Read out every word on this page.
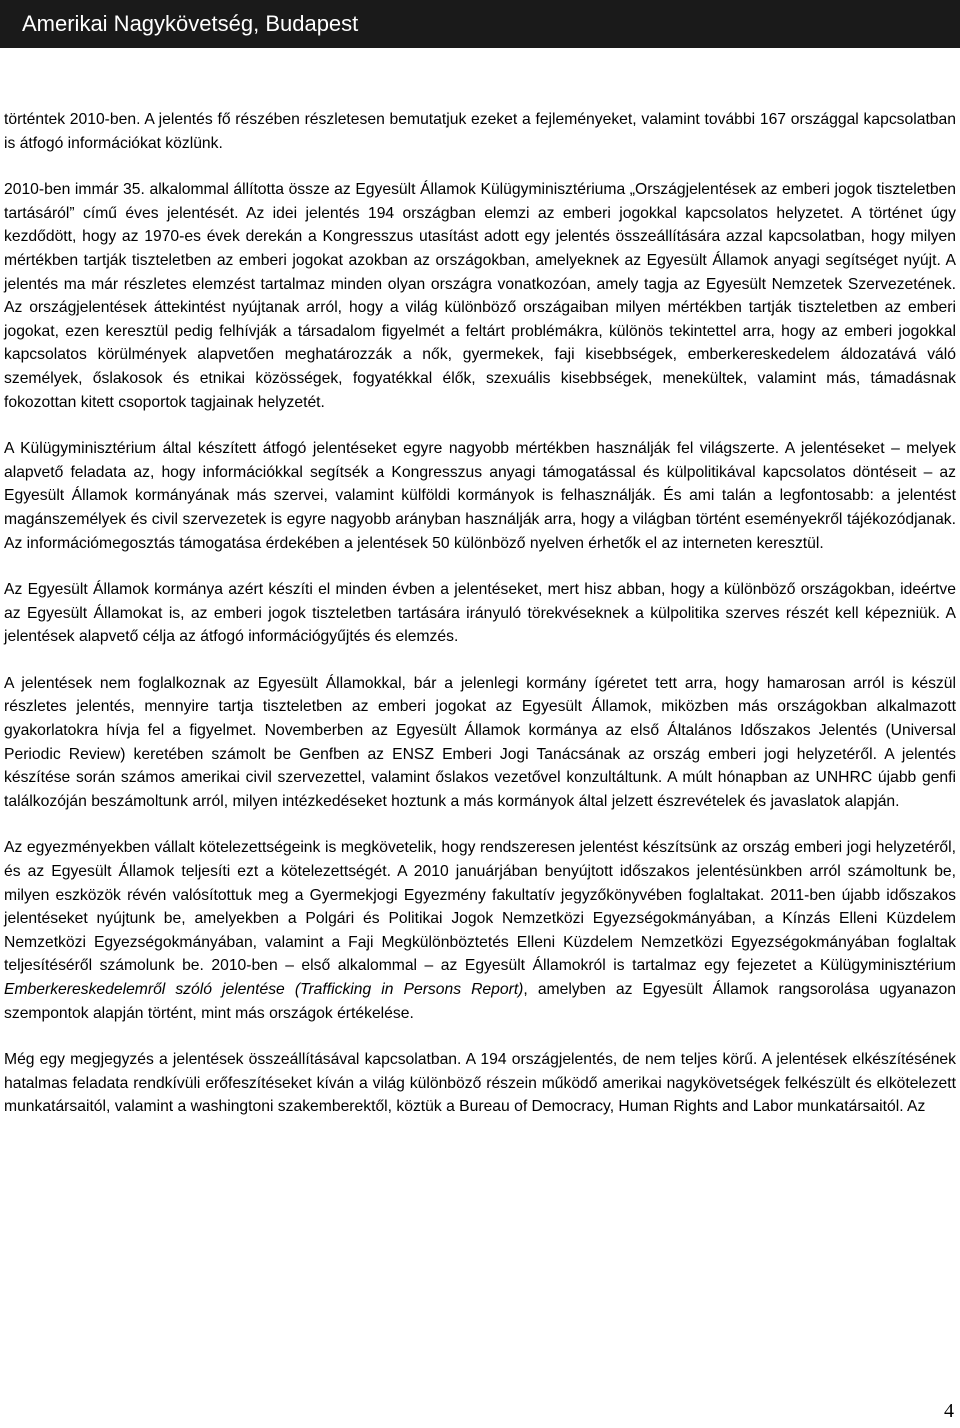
Amerikai Nagykövetség, Budapest

történtek 2010-ben. A jelentés fő részében részletesen bemutatjuk ezeket a fejleményeket, valamint további 167 országgal kapcsolatban is átfogó információkat közlünk.

2010-ben immár 35. alkalommal állította össze az Egyesült Államok Külügyminisztériuma „Országjelentések az emberi jogok tiszteletben tartásáról” című éves jelentését. Az idei jelentés 194 országban elemzi az emberi jogokkal kapcsolatos helyzetet. A történet úgy kezdődött, hogy az 1970-es évek derekán a Kongresszus utasítást adott egy jelentés összeállítására azzal kapcsolatban, hogy milyen mértékben tartják tiszteletben az emberi jogokat azokban az országokban, amelyeknek az Egyesült Államok anyagi segítséget nyújt. A jelentés ma már részletes elemzést tartalmaz minden olyan országra vonatkozóan, amely tagja az Egyesült Nemzetek Szervezetének. Az országjelentések áttekintést nyújtanak arról, hogy a világ különböző országaiban milyen mértékben tartják tiszteletben az emberi jogokat, ezen keresztül pedig felhívják a társadalom figyelmét a feltárt problémákra, különös tekintettel arra, hogy az emberi jogokkal kapcsolatos körülmények alapvetően meghatározzák a nők, gyermekek, faji kisebbségek, emberkereskedelem áldozatává váló személyek, őslakosok és etnikai közösségek, fogyatékkal élők, szexuális kisebbségek, menekültek, valamint más, támadásnak fokozottan kitett csoportok tagjainak helyzetét.

A Külügyminisztérium által készített átfogó jelentéseket egyre nagyobb mértékben használják fel világszerte. A jelentéseket – melyek alapvető feladata az, hogy információkkal segítsék a Kongresszus anyagi támogatással és külpolitikával kapcsolatos döntéseit – az Egyesült Államok kormányának más szervei, valamint külföldi kormányok is felhasználják. És ami talán a legfontosabb: a jelentést magánszemélyek és civil szervezetek is egyre nagyobb arányban használják arra, hogy a világban történt eseményekről tájékozódjanak. Az információmegosztás támogatása érdekében a jelentések 50 különböző nyelven érhetők el az interneten keresztül.

Az Egyesült Államok kormánya azért készíti el minden évben a jelentéseket, mert hisz abban, hogy a különböző országokban, ideértve az Egyesült Államokat is, az emberi jogok tiszteletben tartására irányuló törekvéseknek a külpolitika szerves részét kell képezniük. A jelentések alapvető célja az átfogó információgyűjtés és elemzés.

A jelentések nem foglalkoznak az Egyesült Államokkal, bár a jelenlegi kormány ígéretet tett arra, hogy hamarosan arról is készül részletes jelentés, mennyire tartja tiszteletben az emberi jogokat az Egyesült Államok, miközben más országokban alkalmazott gyakorlatokra hívja fel a figyelmet. Novemberben az Egyesült Államok kormánya az első Általános Időszakos Jelentés (Universal Periodic Review) keretében számolt be Genfben az ENSZ Emberi Jogi Tanácsának az ország emberi jogi helyzetéről. A jelentés készítése során számos amerikai civil szervezettel, valamint őslakos vezetővel konzultáltunk. A múlt hónapban az UNHRC újabb genfi találkozóján beszámoltunk arról, milyen intézkedéseket hoztunk a más kormányok által jelzett észrevételek és javaslatok alapján.

Az egyezményekben vállalt kötelezettségeink is megkövetelik, hogy rendszeresen jelentést készítsünk az ország emberi jogi helyzetéről, és az Egyesült Államok teljesíti ezt a kötelezettségét. A 2010 januárjában benyújtott időszakos jelentésünkben arról számoltunk be, milyen eszközök révén valósítottuk meg a Gyermekjogi Egyezmény fakultatív jegyzőkönyvében foglaltakat. 2011-ben újabb időszakos jelentéseket nyújtunk be, amelyekben a Polgári és Politikai Jogok Nemzetközi Egyezségokmányában, a Kínzás Elleni Küzdelem Nemzetközi Egyezségokmányában, valamint a Faji Megkülönböztetés Elleni Küzdelem Nemzetközi Egyezségokmányában foglaltak teljesítéséről számolunk be. 2010-ben – első alkalommal – az Egyesült Államokról is tartalmaz egy fejezetet a Külügyminisztérium Emberkereskedelemről szóló jelentése (Trafficking in Persons Report), amelyben az Egyesült Államok rangsorolása ugyanazon szempontok alapján történt, mint más országok értékelése.

Még egy megjegyzés a jelentések összeállításával kapcsolatban. A 194 országjelentés, de nem teljes körű. A jelentések elkészítésének hatalmas feladata rendkívüli erőfeszítéseket kíván a világ különböző részein működő amerikai nagykövetségek felkészült és elkötelezett munkatársaitól, valamint a washingtoni szakemberektől, köztük a Bureau of Democracy, Human Rights and Labor munkatársaitól. Az

4
